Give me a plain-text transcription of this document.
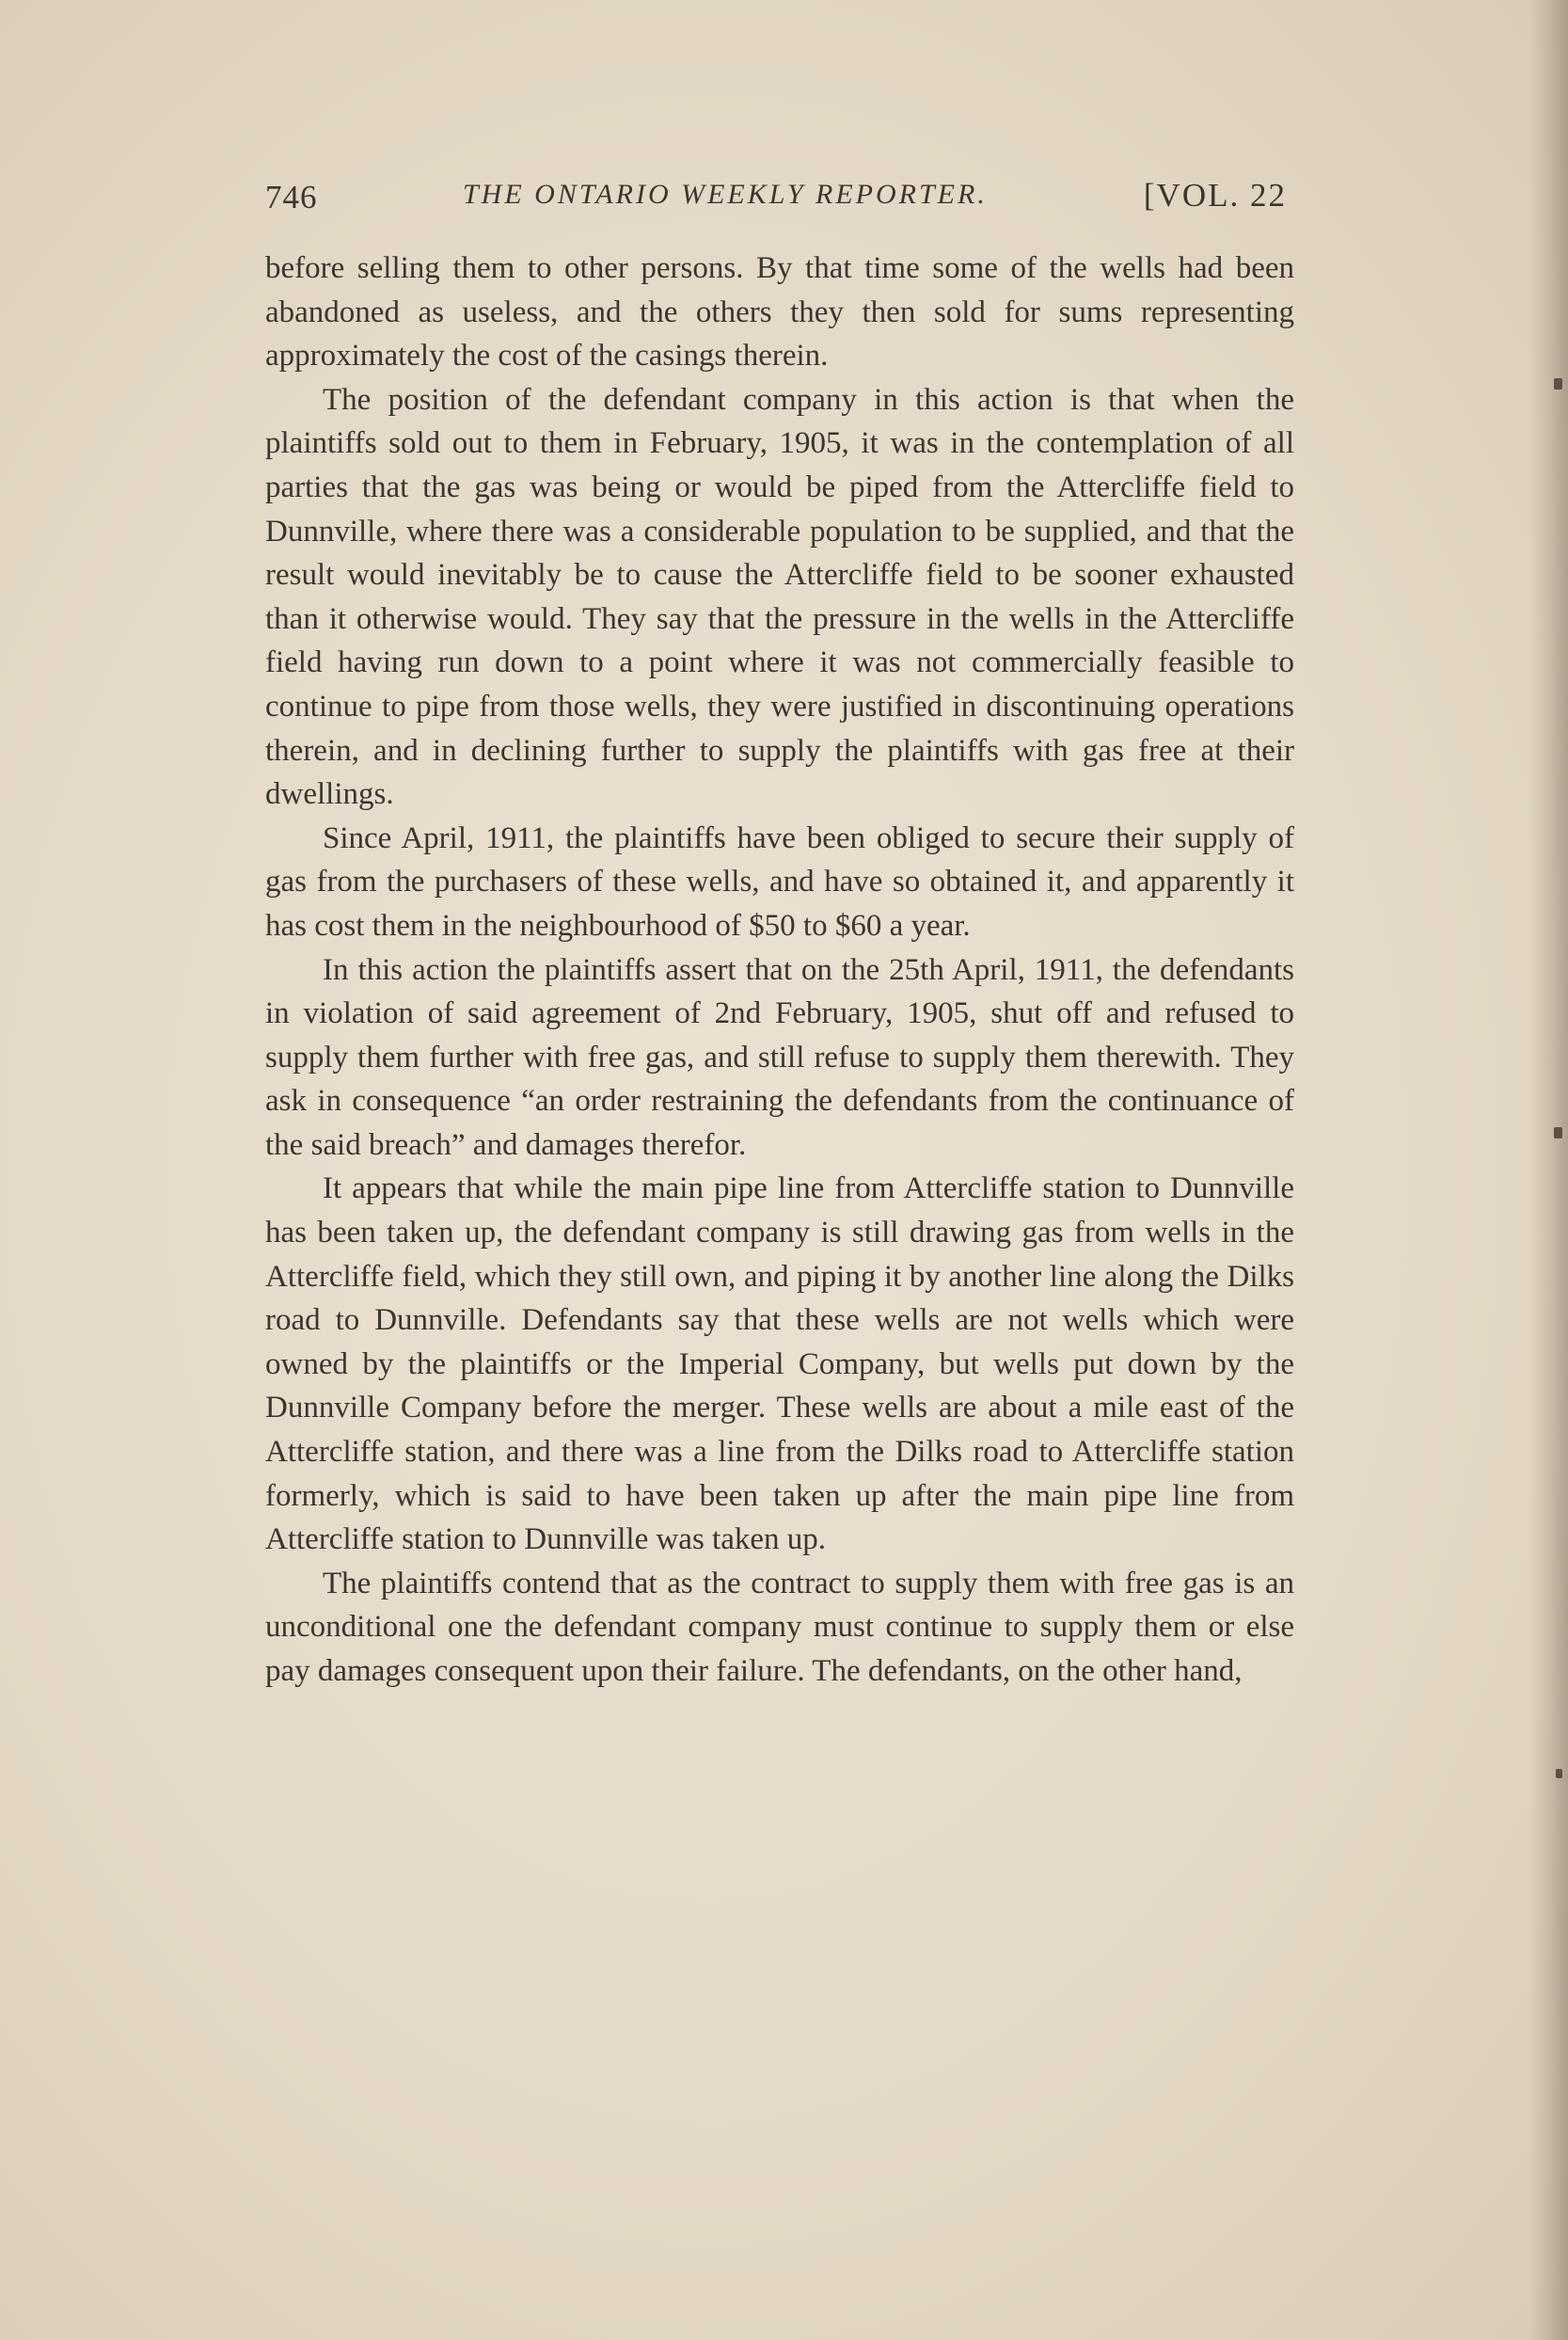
746	THE ONTARIO WEEKLY REPORTER.	[VOL. 22

before selling them to other persons. By that time some of the wells had been abandoned as useless, and the others they then sold for sums representing approximately the cost of the casings therein.

The position of the defendant company in this action is that when the plaintiffs sold out to them in February, 1905, it was in the contemplation of all parties that the gas was being or would be piped from the Attercliffe field to Dunnville, where there was a considerable population to be supplied, and that the result would inevitably be to cause the Attercliffe field to be sooner exhausted than it otherwise would. They say that the pressure in the wells in the Attercliffe field having run down to a point where it was not commercially feasible to continue to pipe from those wells, they were justified in discontinuing operations therein, and in declining further to supply the plaintiffs with gas free at their dwellings.

Since April, 1911, the plaintiffs have been obliged to secure their supply of gas from the purchasers of these wells, and have so obtained it, and apparently it has cost them in the neighbourhood of $50 to $60 a year.

In this action the plaintiffs assert that on the 25th April, 1911, the defendants in violation of said agreement of 2nd February, 1905, shut off and refused to supply them further with free gas, and still refuse to supply them therewith. They ask in consequence “an order restraining the defendants from the continuance of the said breach” and damages therefor.

It appears that while the main pipe line from Attercliffe station to Dunnville has been taken up, the defendant company is still drawing gas from wells in the Attercliffe field, which they still own, and piping it by another line along the Dilks road to Dunnville. Defendants say that these wells are not wells which were owned by the plaintiffs or the Imperial Company, but wells put down by the Dunnville Company before the merger. These wells are about a mile east of the Attercliffe station, and there was a line from the Dilks road to Attercliffe station formerly, which is said to have been taken up after the main pipe line from Attercliffe station to Dunnville was taken up.

The plaintiffs contend that as the contract to supply them with free gas is an unconditional one the defendant company must continue to supply them or else pay damages consequent upon their failure. The defendants, on the other hand,
